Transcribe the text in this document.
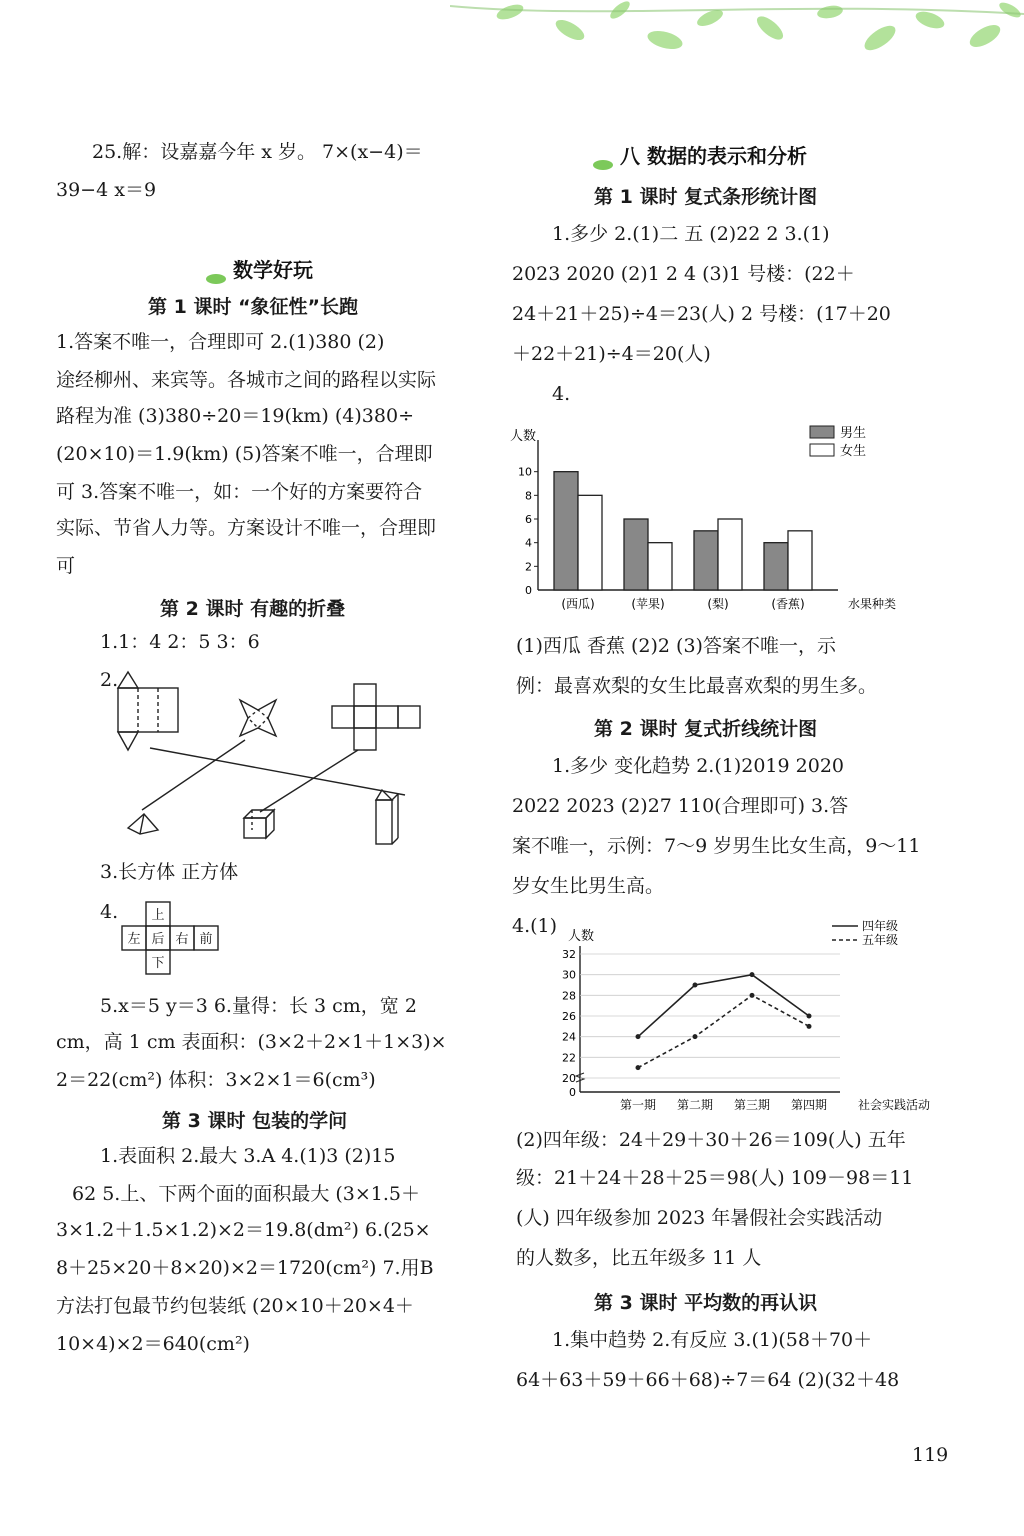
25.解：设嘉嘉今年 x 岁。 7×(x−4)＝
39−4 x＝9
数学好玩
第 1 课时 “象征性”长跑
1.答案不唯一，合理即可 2.(1)380 (2)
途经柳州、来宾等。各城市之间的路程以实际
路程为准 (3)380÷20＝19(km) (4)380÷
(20×10)＝1.9(km) (5)答案不唯一，合理即
可 3.答案不唯一，如：一个好的方案要符合
实际、节省人力等。方案设计不唯一，合理即
可
第 2 课时 有趣的折叠
1.1：4 2：5 3：6
2.
3.长方体 正方体
4.	上
左 后 右 前
下
5.x＝5 y＝3 6.量得：长 3 cm，宽 2
cm，高 1 cm 表面积：(3×2＋2×1＋1×3)×
2＝22(cm²) 体积：3×2×1＝6(cm³)
第 3 课时 包装的学问
1.表面积 2.最大 3.A 4.(1)3 (2)15
62 5.上、下两个面的面积最大 (3×1.5＋
3×1.2＋1.5×1.2)×2＝19.8(dm²) 6.(25×
8＋25×20＋8×20)×2＝1720(cm²) 7.用B
方法打包最节约包装纸 (20×10＋20×4＋
10×4)×2＝640(cm²)
八 数据的表示和分析
第 1 课时 复式条形统计图
1.多少 2.(1)二 五 (2)22 2 3.(1)
2023 2020 (2)1 2 4 (3)1 号楼：(22＋
24＋21＋25)÷4＝23(人) 2 号楼：(17＋20
＋22＋21)÷4＝20(人)
4.
人数
0
2
4
6
8
10
(西瓜)	(苹果)	(梨)	(香蕉)	水果种类
男生
女生
(1)西瓜 香蕉 (2)2 (3)答案不唯一，示
例：最喜欢梨的女生比最喜欢梨的男生多。
第 2 课时 复式折线统计图
1.多少 变化趋势 2.(1)2019 2020
2022 2023 (2)27 110(合理即可) 3.答
案不唯一，示例：7～9 岁男生比女生高，9～11
岁女生比男生高。
4.(1) 人数
0
20
22
24
26
28
30
32
第一期 第二期 第三期 第四期	社会实践活动
四年级
五年级
(2)四年级：24＋29＋30＋26＝109(人) 五年
级：21＋24＋28＋25＝98(人) 109－98＝11
(人) 四年级参加 2023 年暑假社会实践活动
的人数多，比五年级多 11 人
第 3 课时 平均数的再认识
1.集中趋势 2.有反应 3.(1)(58＋70＋
64＋63＋59＋66＋68)÷7＝64 (2)(32＋48
119
